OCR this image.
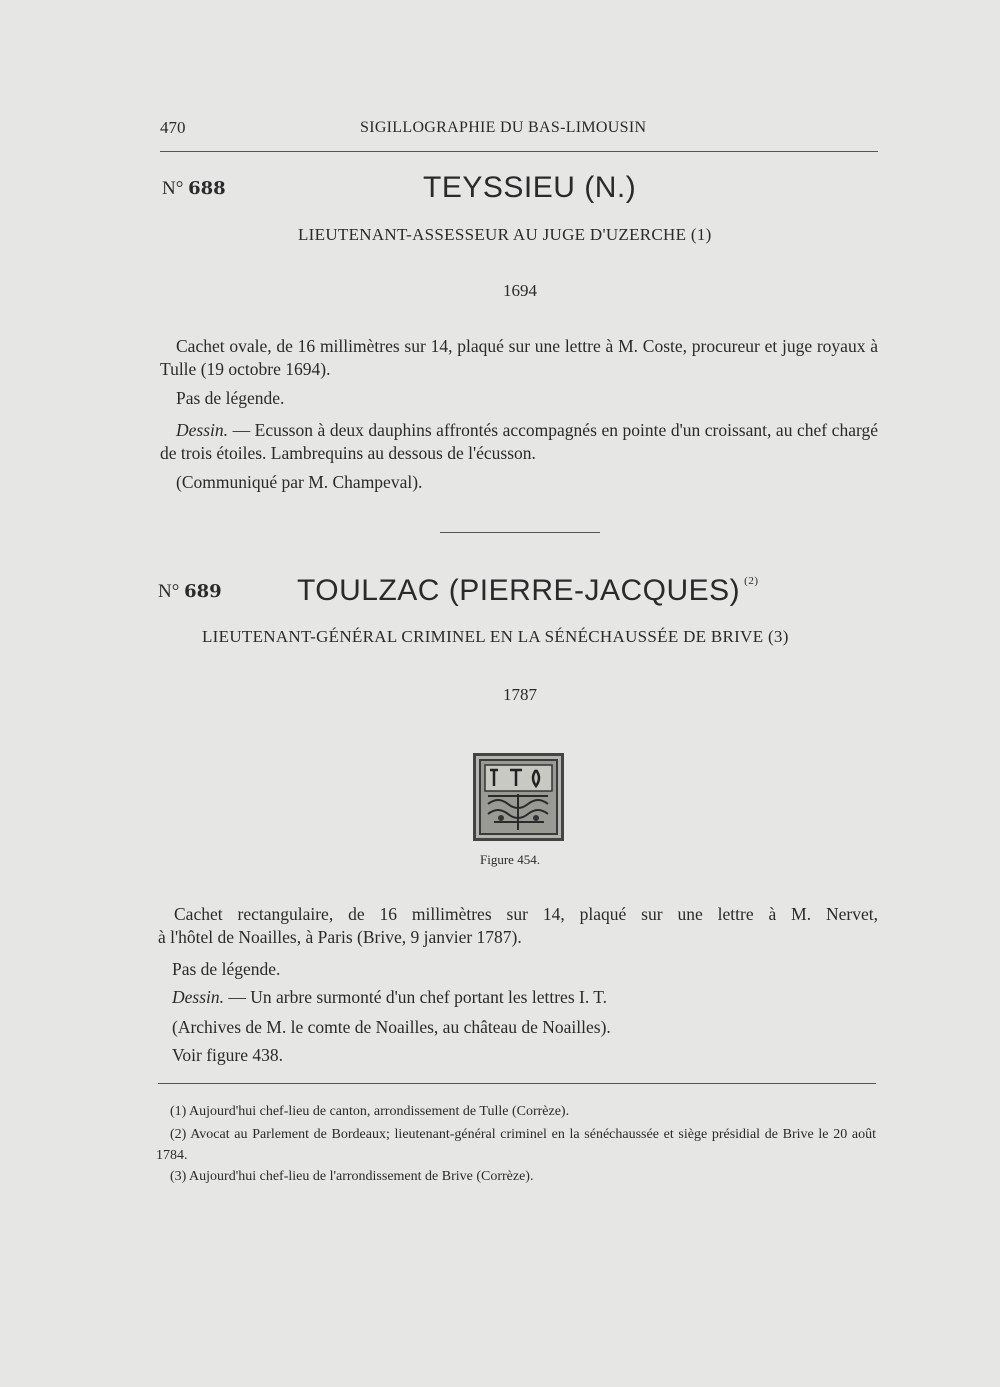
470	SIGILLOGRAPHIE DU BAS-LIMOUSIN
N° 688	TEYSSIEU (N.)
LIEUTENANT-ASSESSEUR AU JUGE D'UZERCHE (1)
1694
Cachet ovale, de 16 millimètres sur 14, plaqué sur une lettre à M. Coste, procureur et juge royaux à Tulle (19 octobre 1694).
Pas de légende.
Dessin. — Ecusson à deux dauphins affrontés accompagnés en pointe d'un croissant, au chef chargé de trois étoiles. Lambrequins au dessous de l'écusson.
(Communiqué par M. Champeval).
N° 689	TOULZAC (PIERRE-JACQUES) $^{(2)}$
LIEUTENANT-GÉNÉRAL CRIMINEL EN LA SÉNÉCHAUSSÉE DE BRIVE (3)
1787
Figure 454.
Cachet rectangulaire, de 16 millimètres sur 14, plaqué sur une lettre à M. Nervet,
à l'hôtel de Noailles, à Paris (Brive, 9 janvier 1787).
Pas de légende.
Dessin. — Un arbre surmonté d'un chef portant les lettres I. T.
(Archives de M. le comte de Noailles, au château de Noailles).
Voir figure 438.
(1) Aujourd'hui chef-lieu de canton, arrondissement de Tulle (Corrèze).
(2) Avocat au Parlement de Bordeaux; lieutenant-général criminel en la sénéchaussée et siège présidial de Brive le 20 août 1784.
(3) Aujourd'hui chef-lieu de l'arrondissement de Brive (Corrèze).
